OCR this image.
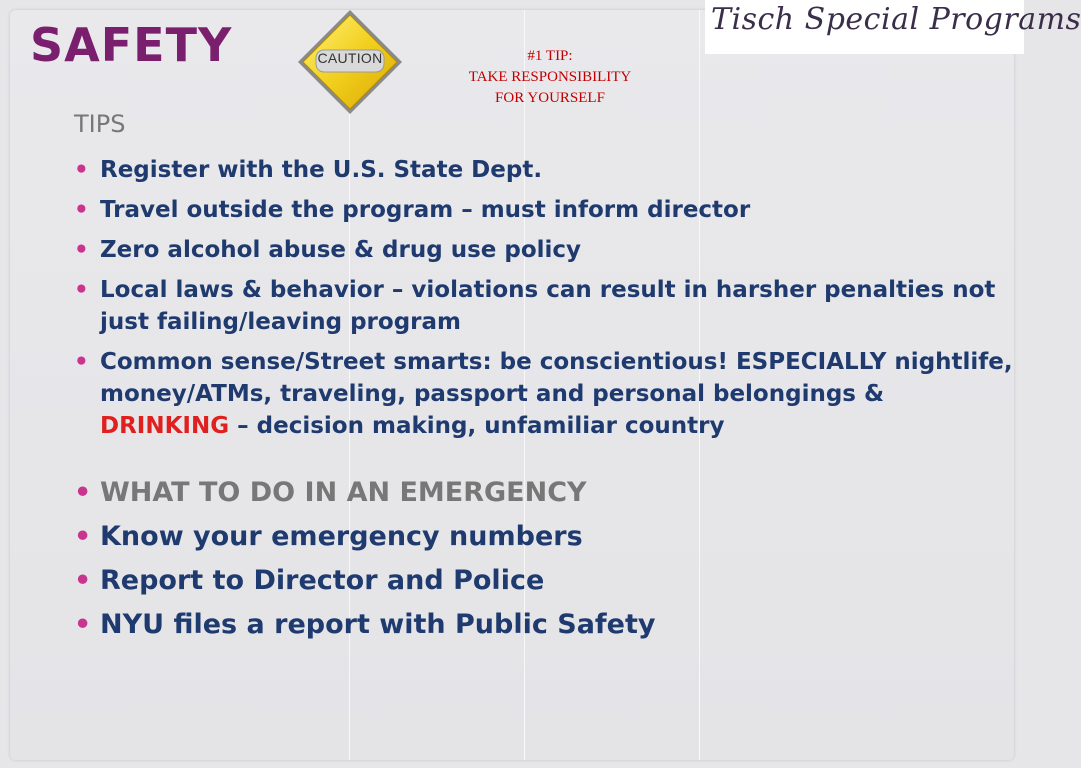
SAFETY	CAUTION	#1 TIP:
TAKE RESPONSIBILITY
FOR YOURSELF
Tisch Special Programs
TIPS
• Register with the U.S. State Dept.
• Travel outside the program – must inform director
• Zero alcohol abuse & drug use policy
• Local laws & behavior – violations can result in harsher penalties not just failing/leaving program
• Common sense/Street smarts: be conscientious! ESPECIALLY nightlife, money/ATMs, traveling, passport and personal belongings & DRINKING – decision making, unfamiliar country
• WHAT TO DO IN AN EMERGENCY
• Know your emergency numbers
• Report to Director and Police
• NYU files a report with Public Safety
